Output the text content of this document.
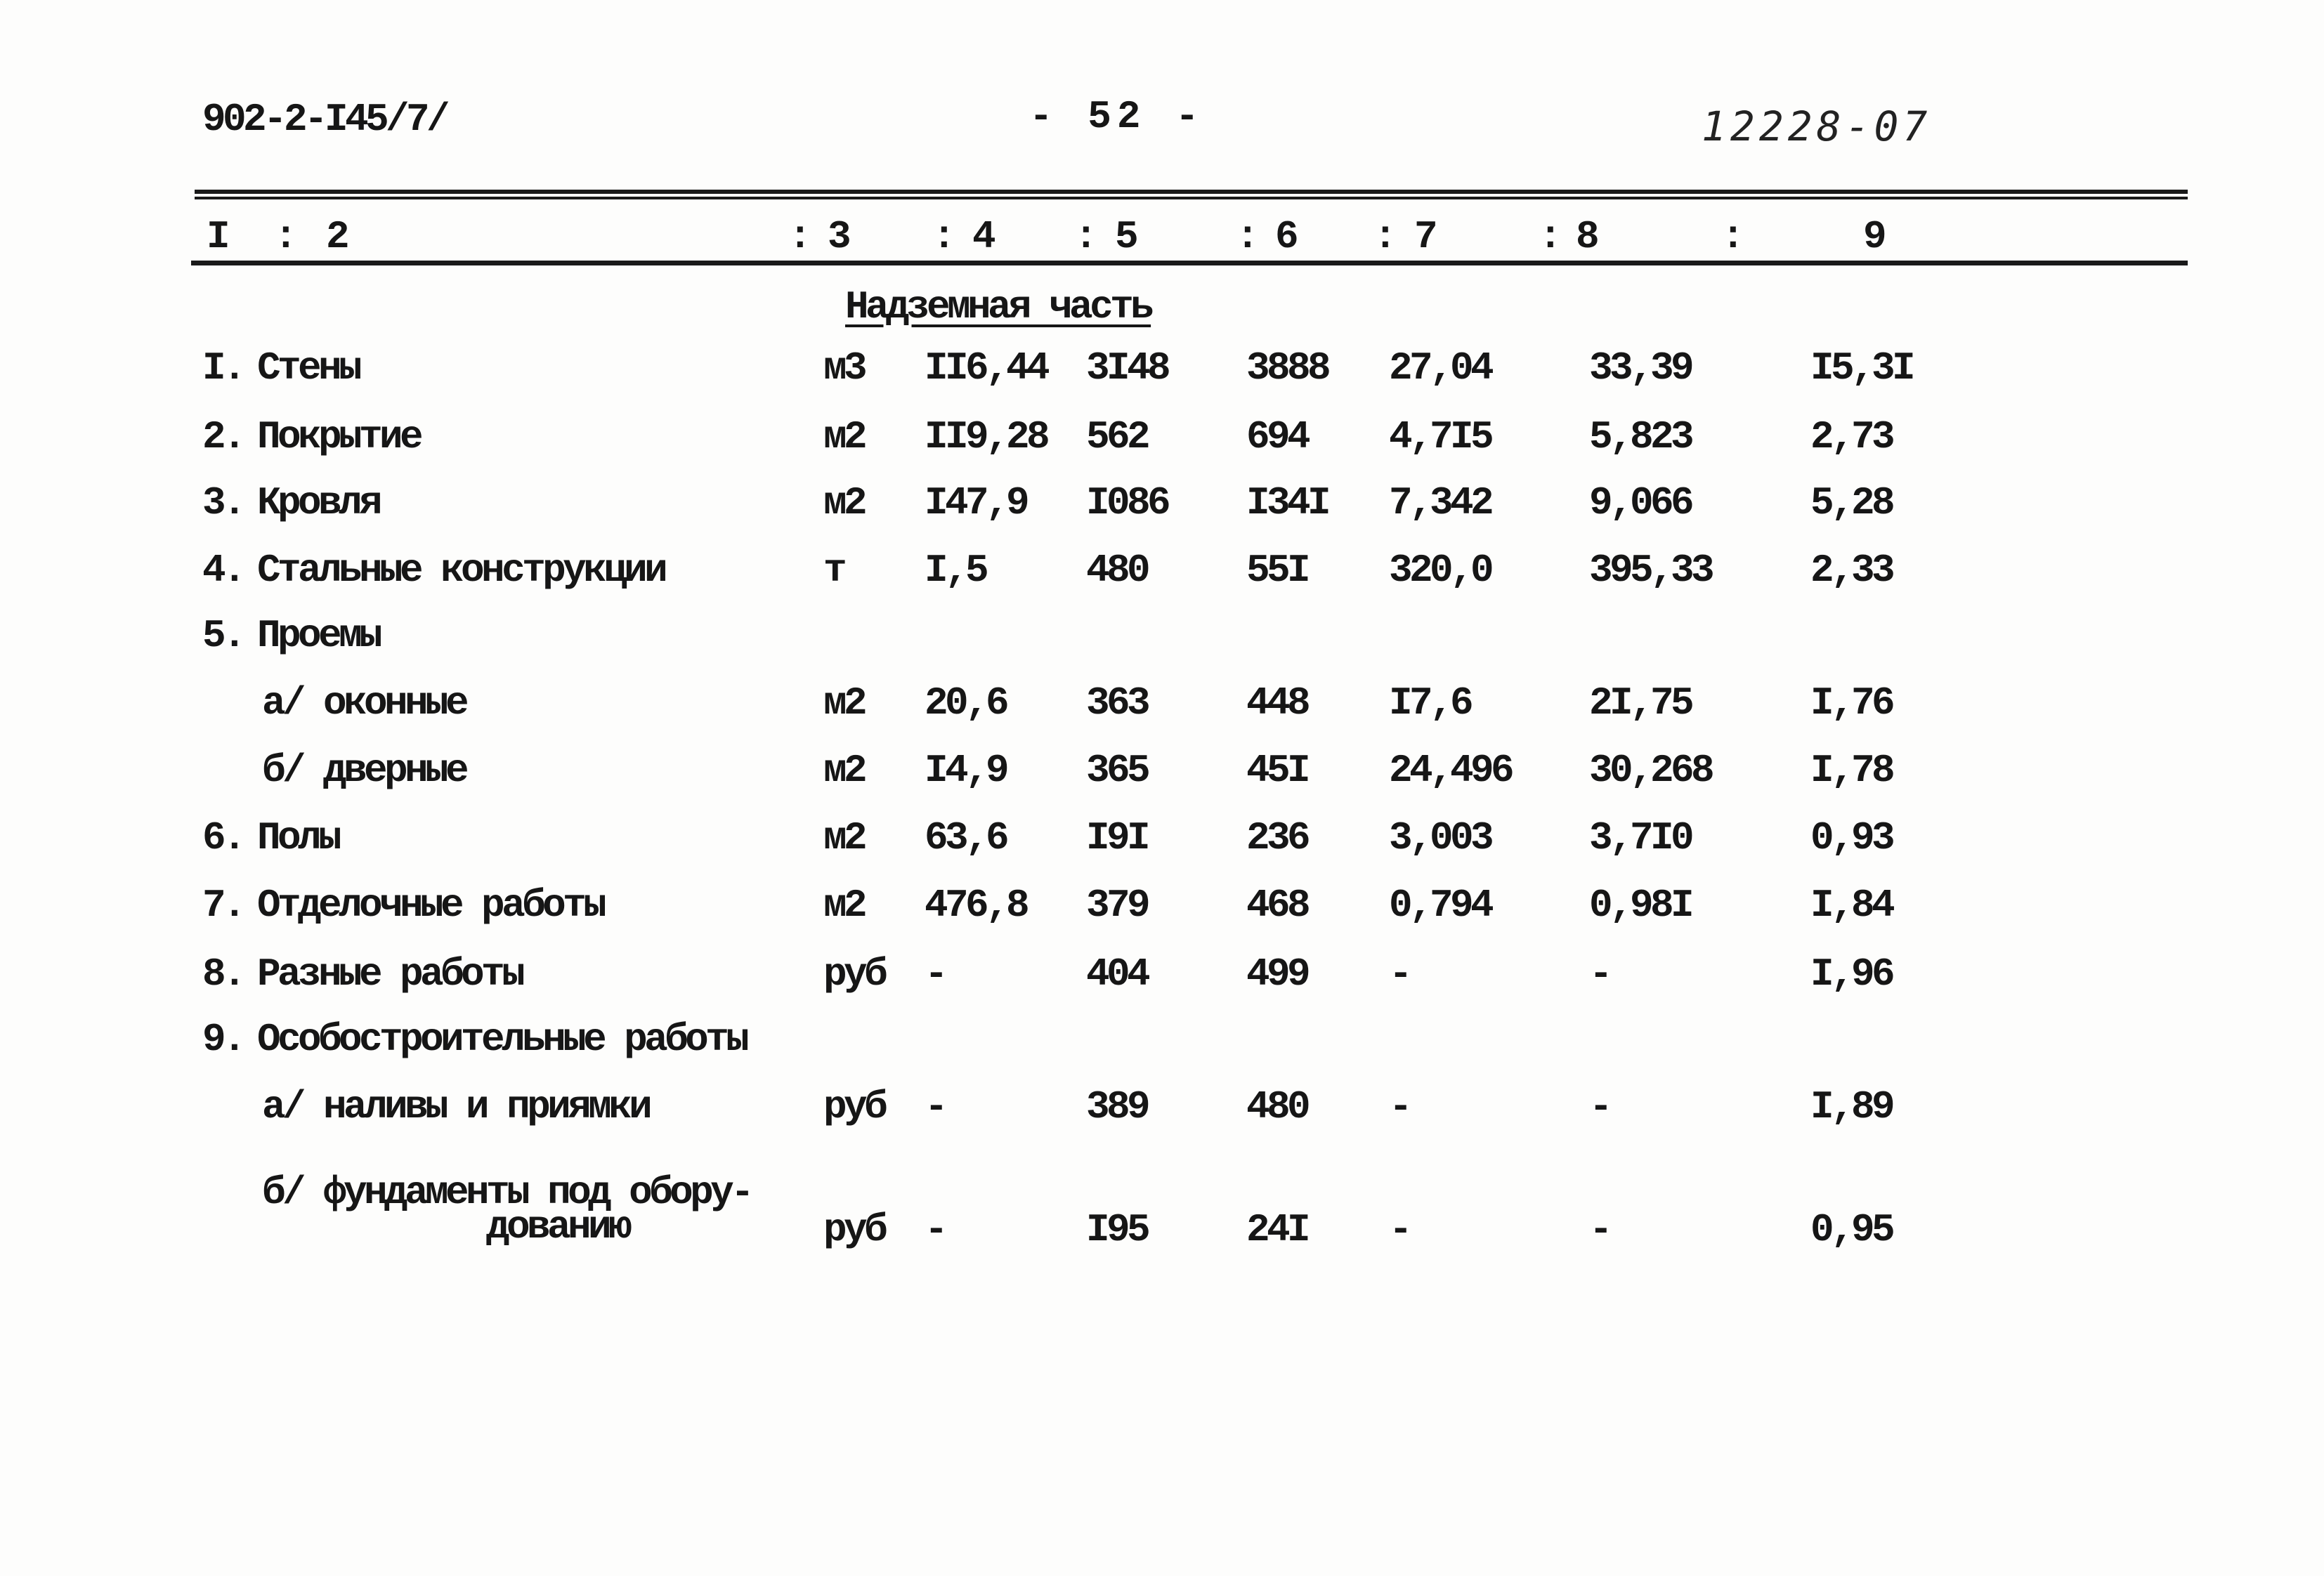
902-2-I45/7/	- 52 -	12228-07
I : 2	: 3 : 4 : 5	: 6 : 7	: 8	:	9
Надземная часть
I. Стены	м3 II6,44 3I48 3888 27,04 33,39	I5,3I
2. Покрытие	м2 II9,28 562	694 4,7I5 5,823	2,73
3. Кровля	м2 I47,9 I086 I34I 7,342 9,066	5,28
4. Стальные конструкции	т I,5	480	55I 320,0 395,33	2,33
5. Проемы
а/ оконные	м2 20,6 363	448 I7,6	2I,75	I,76
б/ дверные	м2 I4,9 365	45I 24,496 30,268	I,78
6. Полы	м2 63,6 I9I	236 3,003 3,7I0	0,93
7. Отделочные работы	м2 476,8 379	468 0,794 0,98I	I,84
8. Разные работы	руб -	404	499 -	-	I,96
9. Особостроительные работы
а/ наливы и приямки	руб -	389	480 -	-	I,89
б/ фундаменты под обору-
дованию	руб -	I95	24I -	-	0,95
